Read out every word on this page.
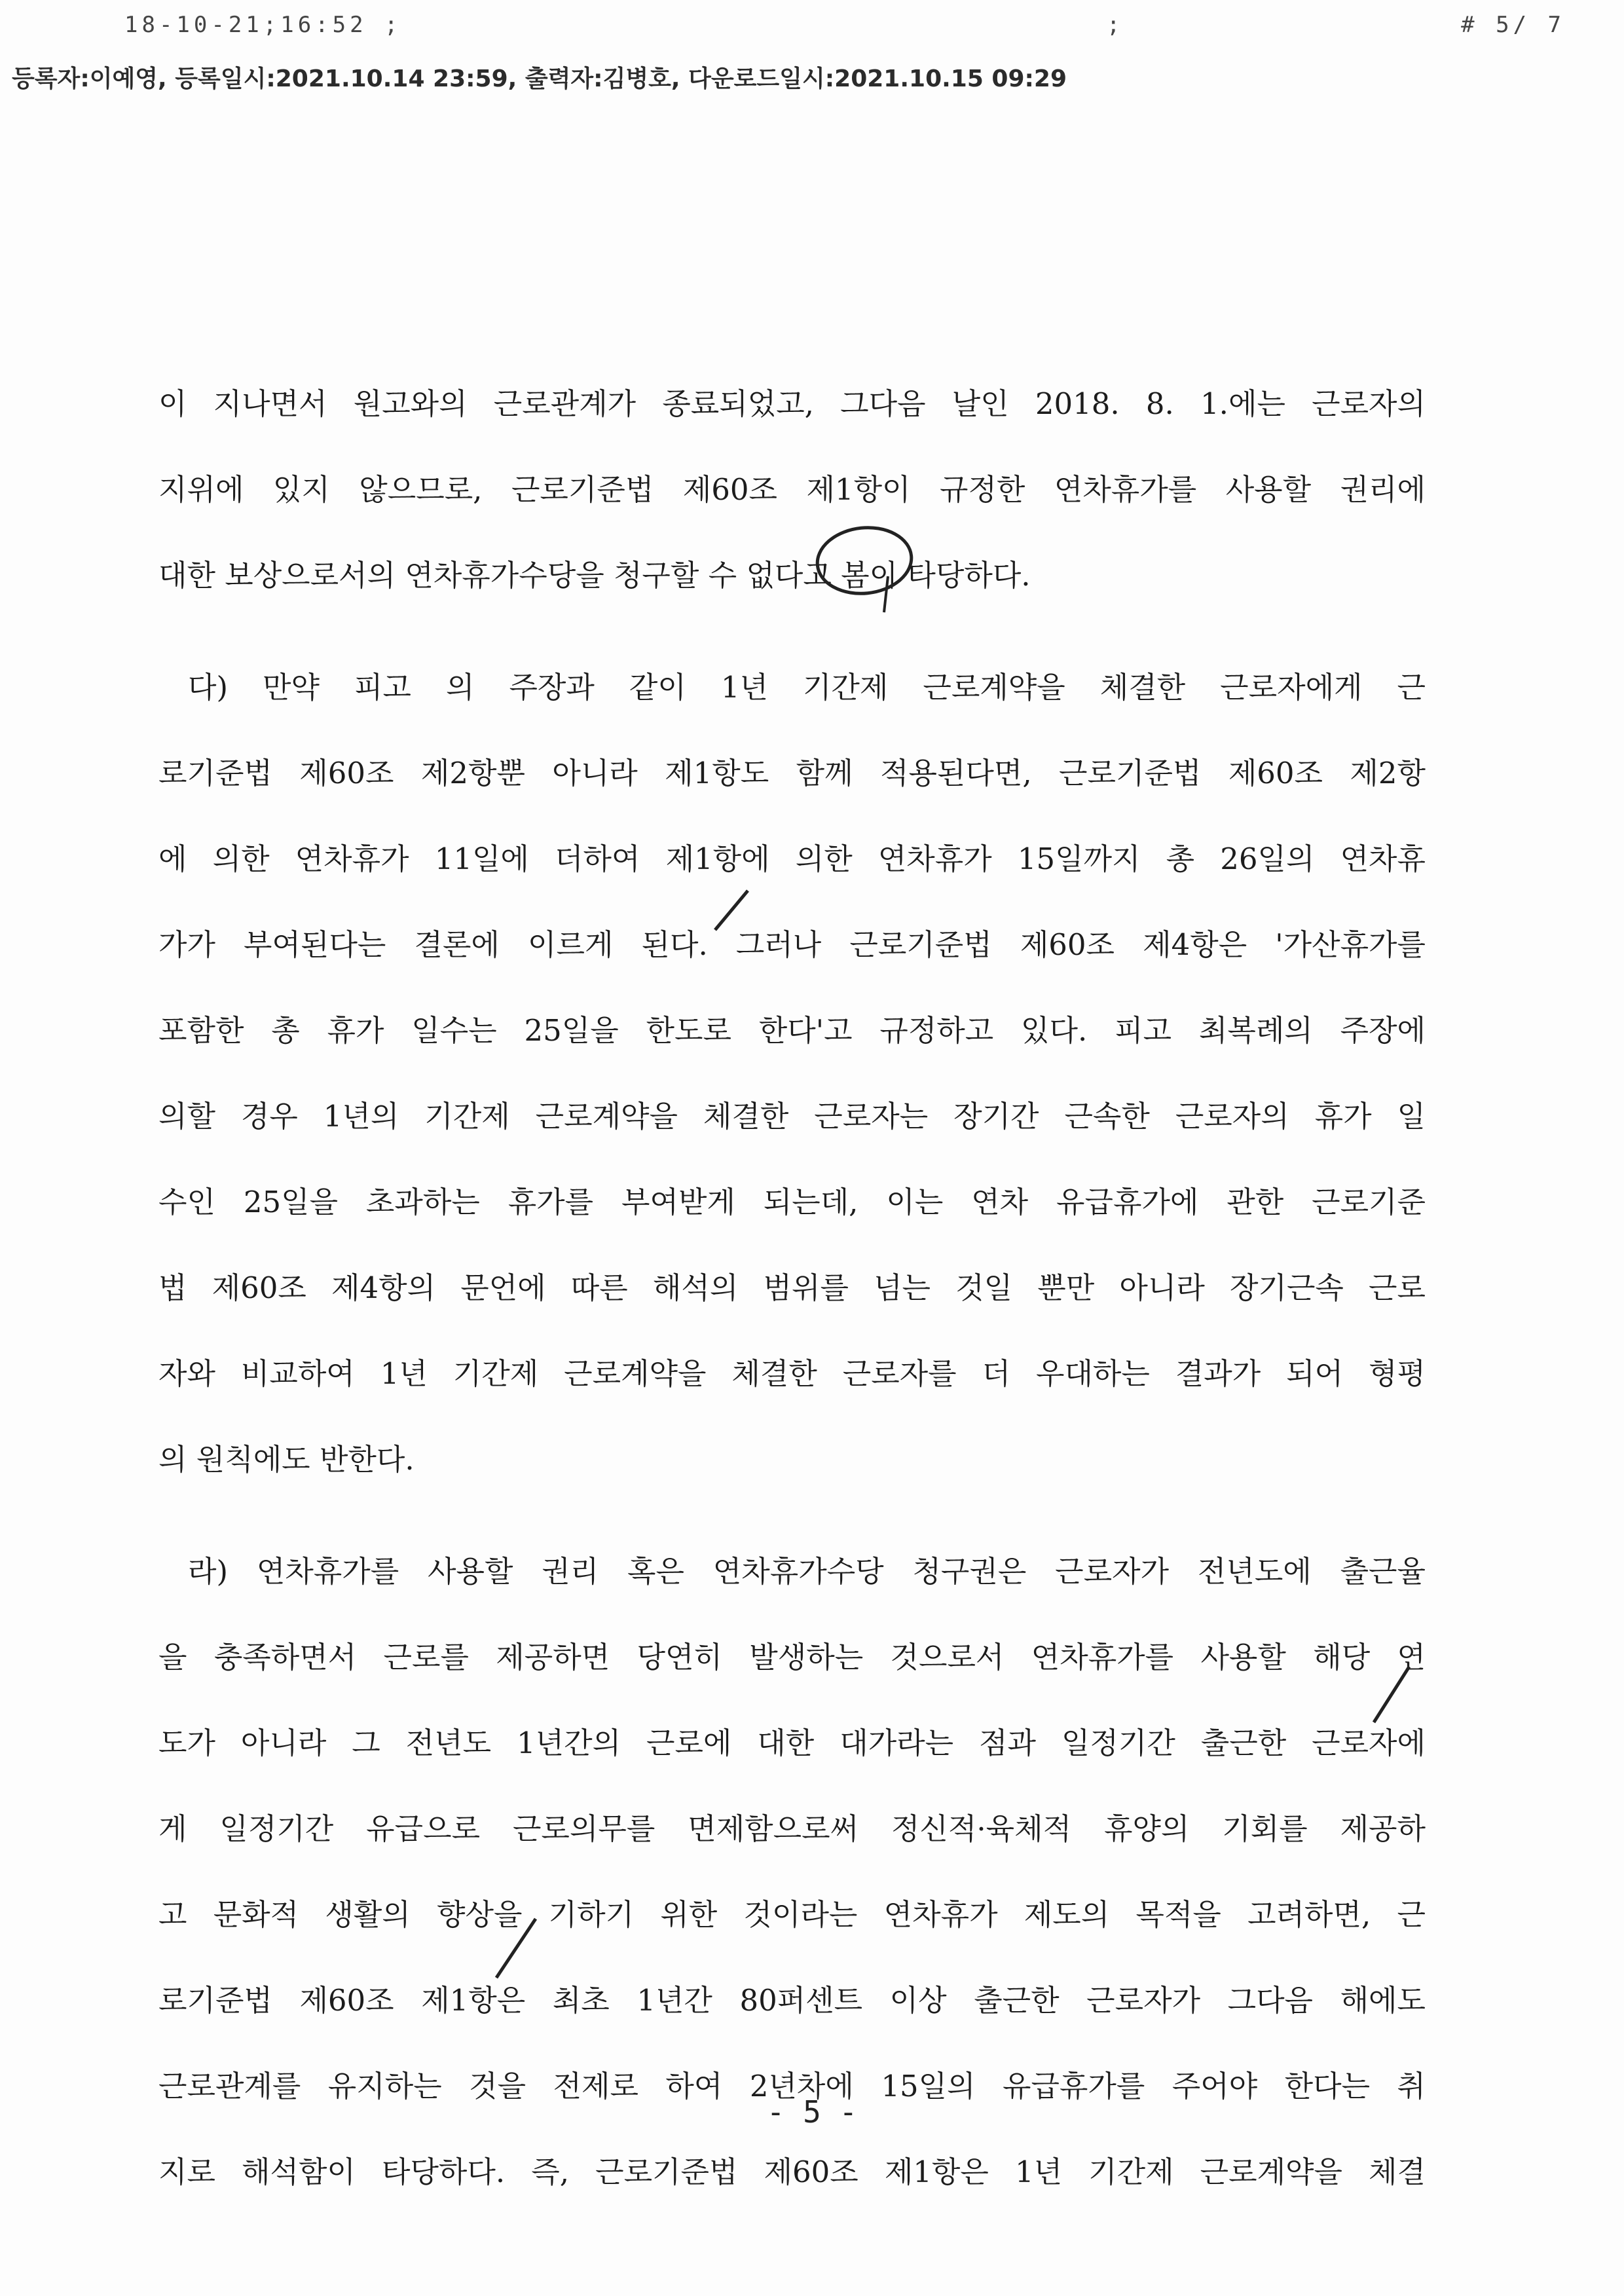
18-10-21;16:52 ;	;	# 5/ 7
등록자:이예영, 등록일시:2021.10.14 23:59, 출력자:김병호, 다운로드일시:2021.10.15 09:29
이 지나면서 원고와의 근로관계가 종료되었고, 그다음 날인 2018. 8. 1.에는 근로자의
지위에 있지 않으므로, 근로기준법 제60조 제1항이 규정한 연차휴가를 사용할 권리에
대한 보상으로서의 연차휴가수당을 청구할 수 없다고 봄이 타당하다.
다) 만약 피고 의 주장과 같이 1년 기간제 근로계약을 체결한 근로자에게 근
로기준법 제60조 제2항뿐 아니라 제1항도 함께 적용된다면, 근로기준법 제60조 제2항
에 의한 연차휴가 11일에 더하여 제1항에 의한 연차휴가 15일까지 총 26일의 연차휴
가가 부여된다는 결론에 이르게 된다. 그러나 근로기준법 제60조 제4항은 '가산휴가를
포함한 총 휴가 일수는 25일을 한도로 한다'고 규정하고 있다. 피고 최복례의 주장에
의할 경우 1년의 기간제 근로계약을 체결한 근로자는 장기간 근속한 근로자의 휴가 일
수인 25일을 초과하는 휴가를 부여받게 되는데, 이는 연차 유급휴가에 관한 근로기준
법 제60조 제4항의 문언에 따른 해석의 범위를 넘는 것일 뿐만 아니라 장기근속 근로
자와 비교하여 1년 기간제 근로계약을 체결한 근로자를 더 우대하는 결과가 되어 형평
의 원칙에도 반한다.
라) 연차휴가를 사용할 권리 혹은 연차휴가수당 청구권은 근로자가 전년도에 출근율
을 충족하면서 근로를 제공하면 당연히 발생하는 것으로서 연차휴가를 사용할 해당 연
도가 아니라 그 전년도 1년간의 근로에 대한 대가라는 점과 일정기간 출근한 근로자에
게 일정기간 유급으로 근로의무를 면제함으로써 정신적·육체적 휴양의 기회를 제공하
고 문화적 생활의 향상을 기하기 위한 것이라는 연차휴가 제도의 목적을 고려하면, 근
로기준법 제60조 제1항은 최초 1년간 80퍼센트 이상 출근한 근로자가 그다음 해에도
근로관계를 유지하는 것을 전제로 하여 2년차에 15일의 유급휴가를 주어야 한다는 취
지로 해석함이 타당하다. 즉, 근로기준법 제60조 제1항은 1년 기간제 근로계약을 체결
- 5 -
